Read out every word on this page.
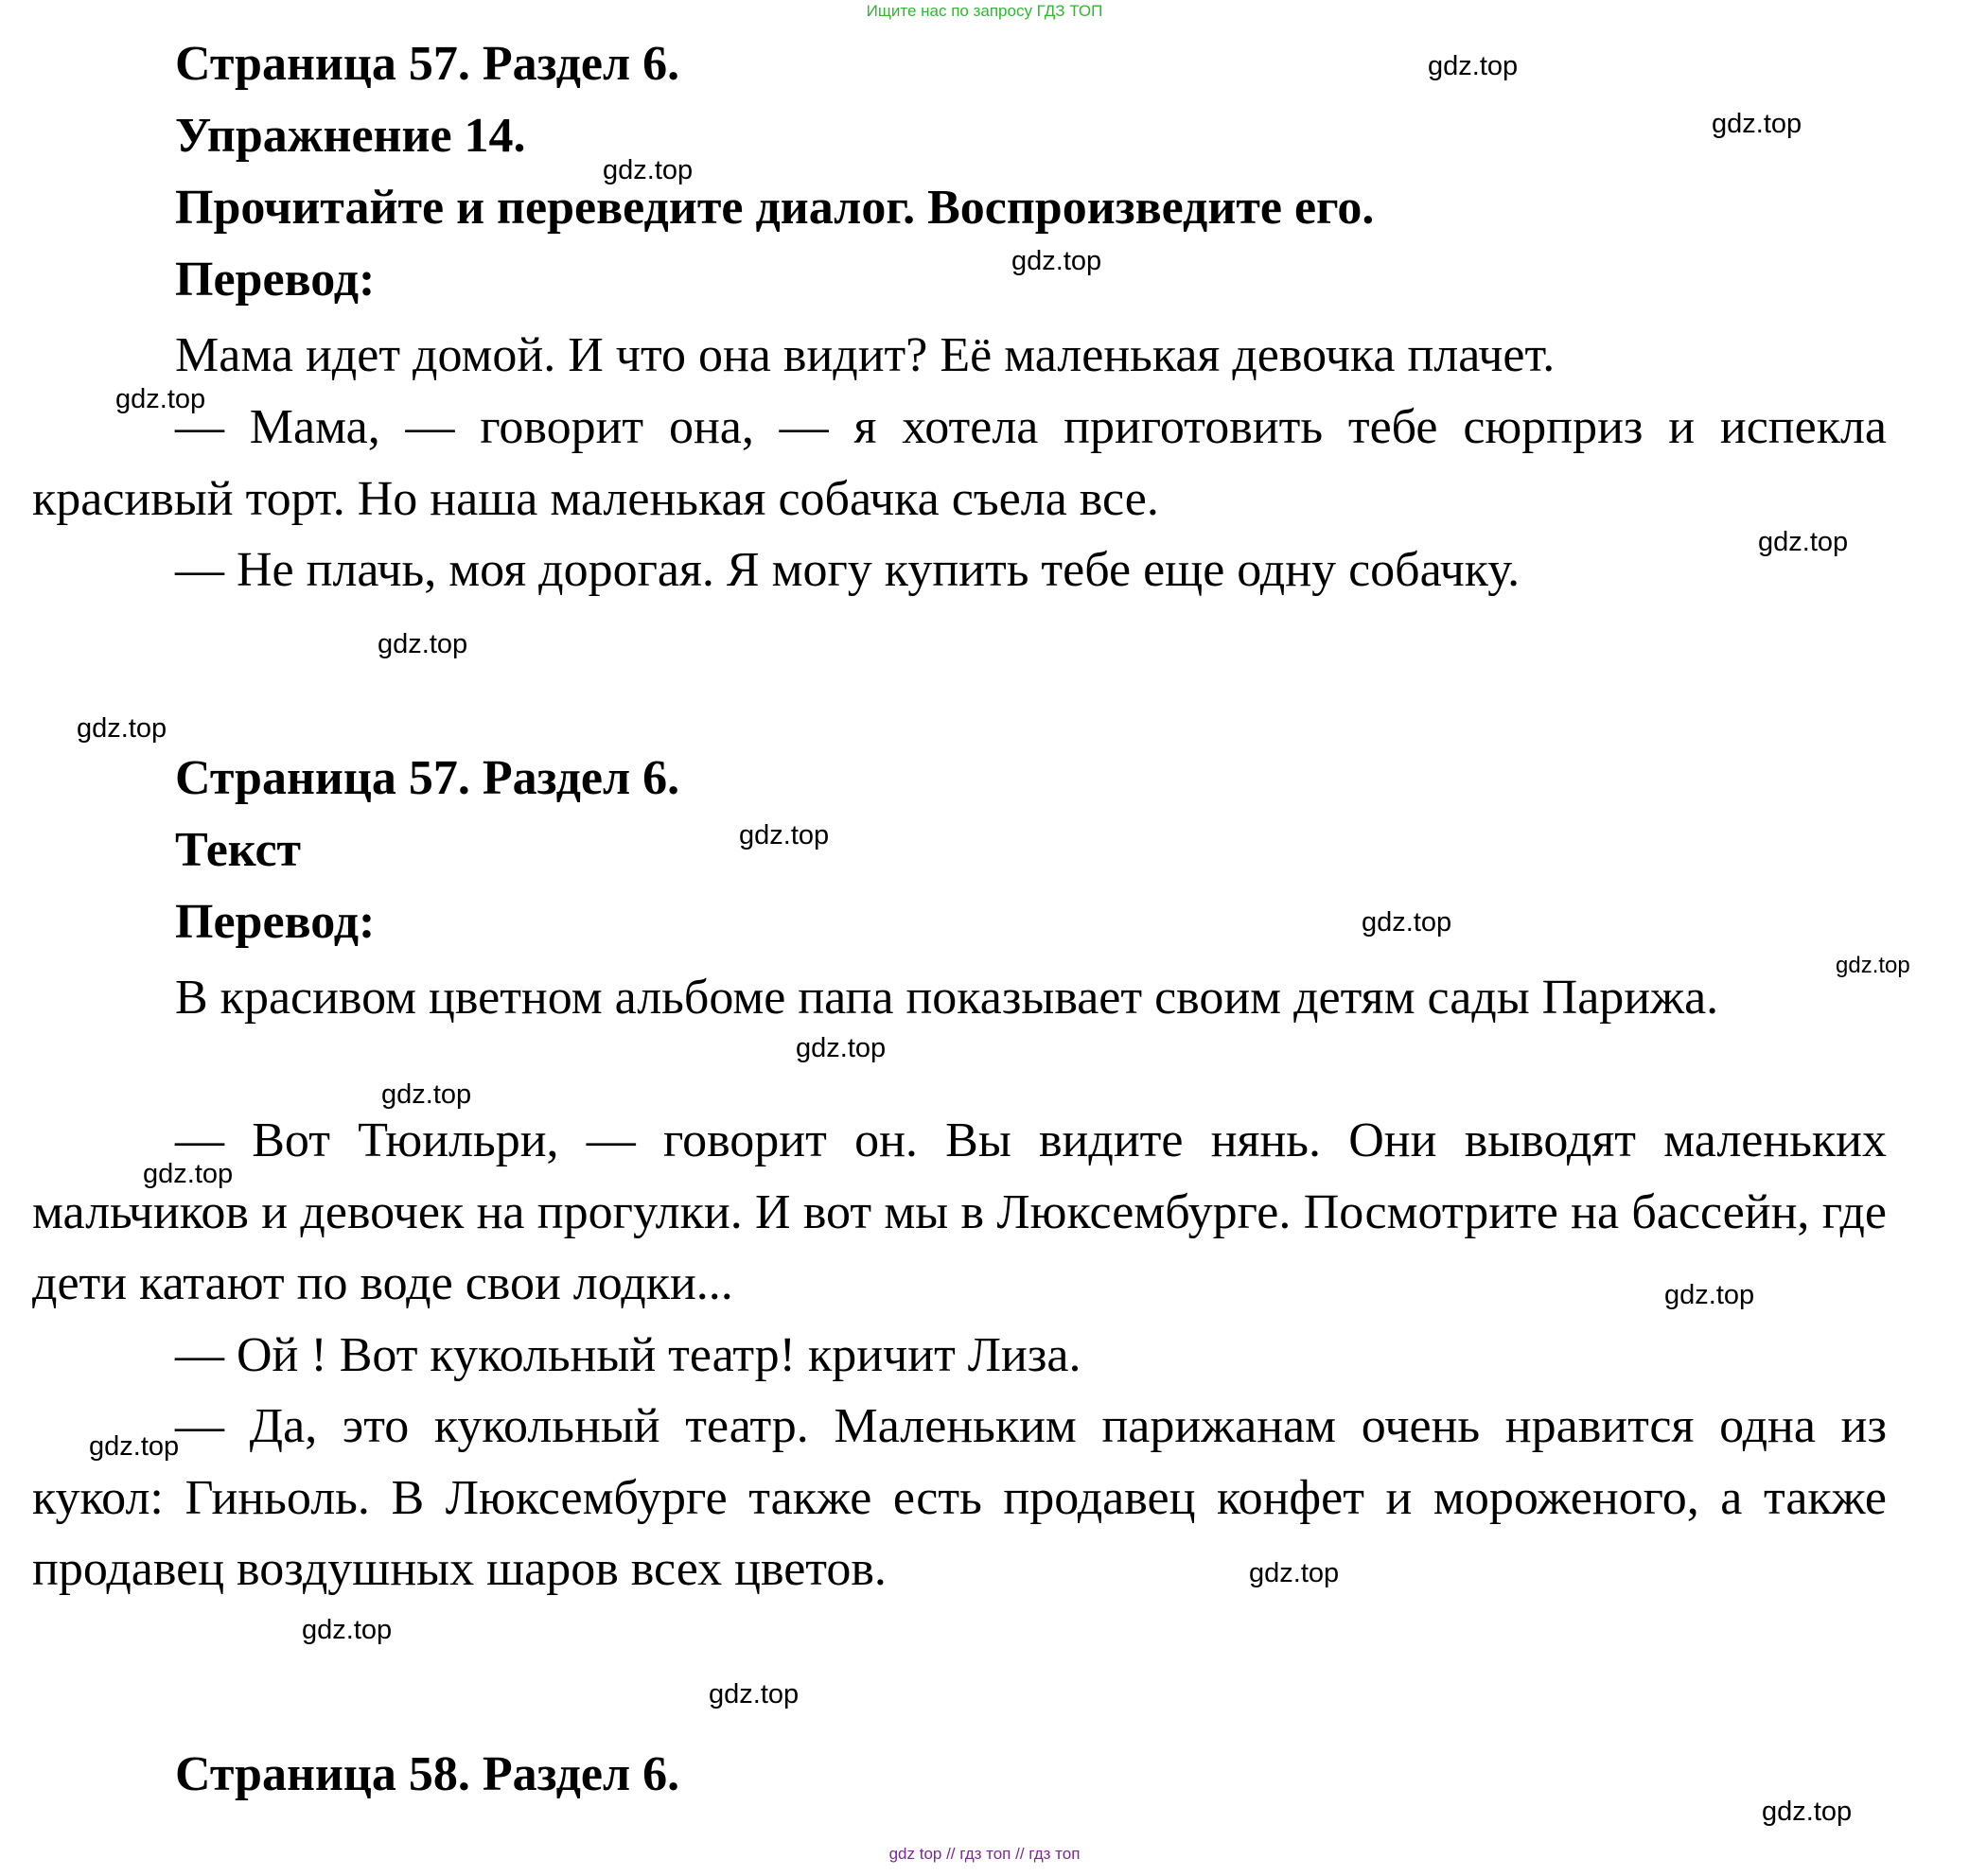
Ищите нас по запросу ГДЗ ТОП
Страница 57. Раздел 6.
Упражнение 14.
Прочитайте и переведите диалог. Воспроизведите его.
Перевод:
Мама идет домой. И что она видит? Её маленькая девочка плачет.
— Мама, — говорит она, — я хотела приготовить тебе сюрприз и испекла красивый торт. Но наша маленькая собачка съела все.
— Не плачь, моя дорогая. Я могу купить тебе еще одну собачку.
Страница 57. Раздел 6.
Текст
Перевод:
В красивом цветном альбоме папа показывает своим детям сады Парижа.
— Вот Тюильри, — говорит он. Вы видите нянь. Они выводят маленьких мальчиков и девочек на прогулки. И вот мы в Люксембурге. Посмотрите на бассейн, где дети катают по воде свои лодки...
— Ой ! Вот кукольный театр! кричит Лиза.
— Да, это кукольный театр. Маленьким парижанам очень нравится одна из кукол: Гиньоль. В Люксембурге также есть продавец конфет и мороженого, а также продавец воздушных шаров всех цветов.
Страница 58. Раздел 6.
gdz.top
gdz.top
gdz.top
gdz.top
gdz.top
gdz.top
gdz.top
gdz.top
gdz.top
gdz.top
gdz.top
gdz.top
gdz.top
gdz.top
gdz.top
gdz.top
gdz.top
gdz.top
gdz.top
gdz.top
gdz top // гдз топ // гдз топ
